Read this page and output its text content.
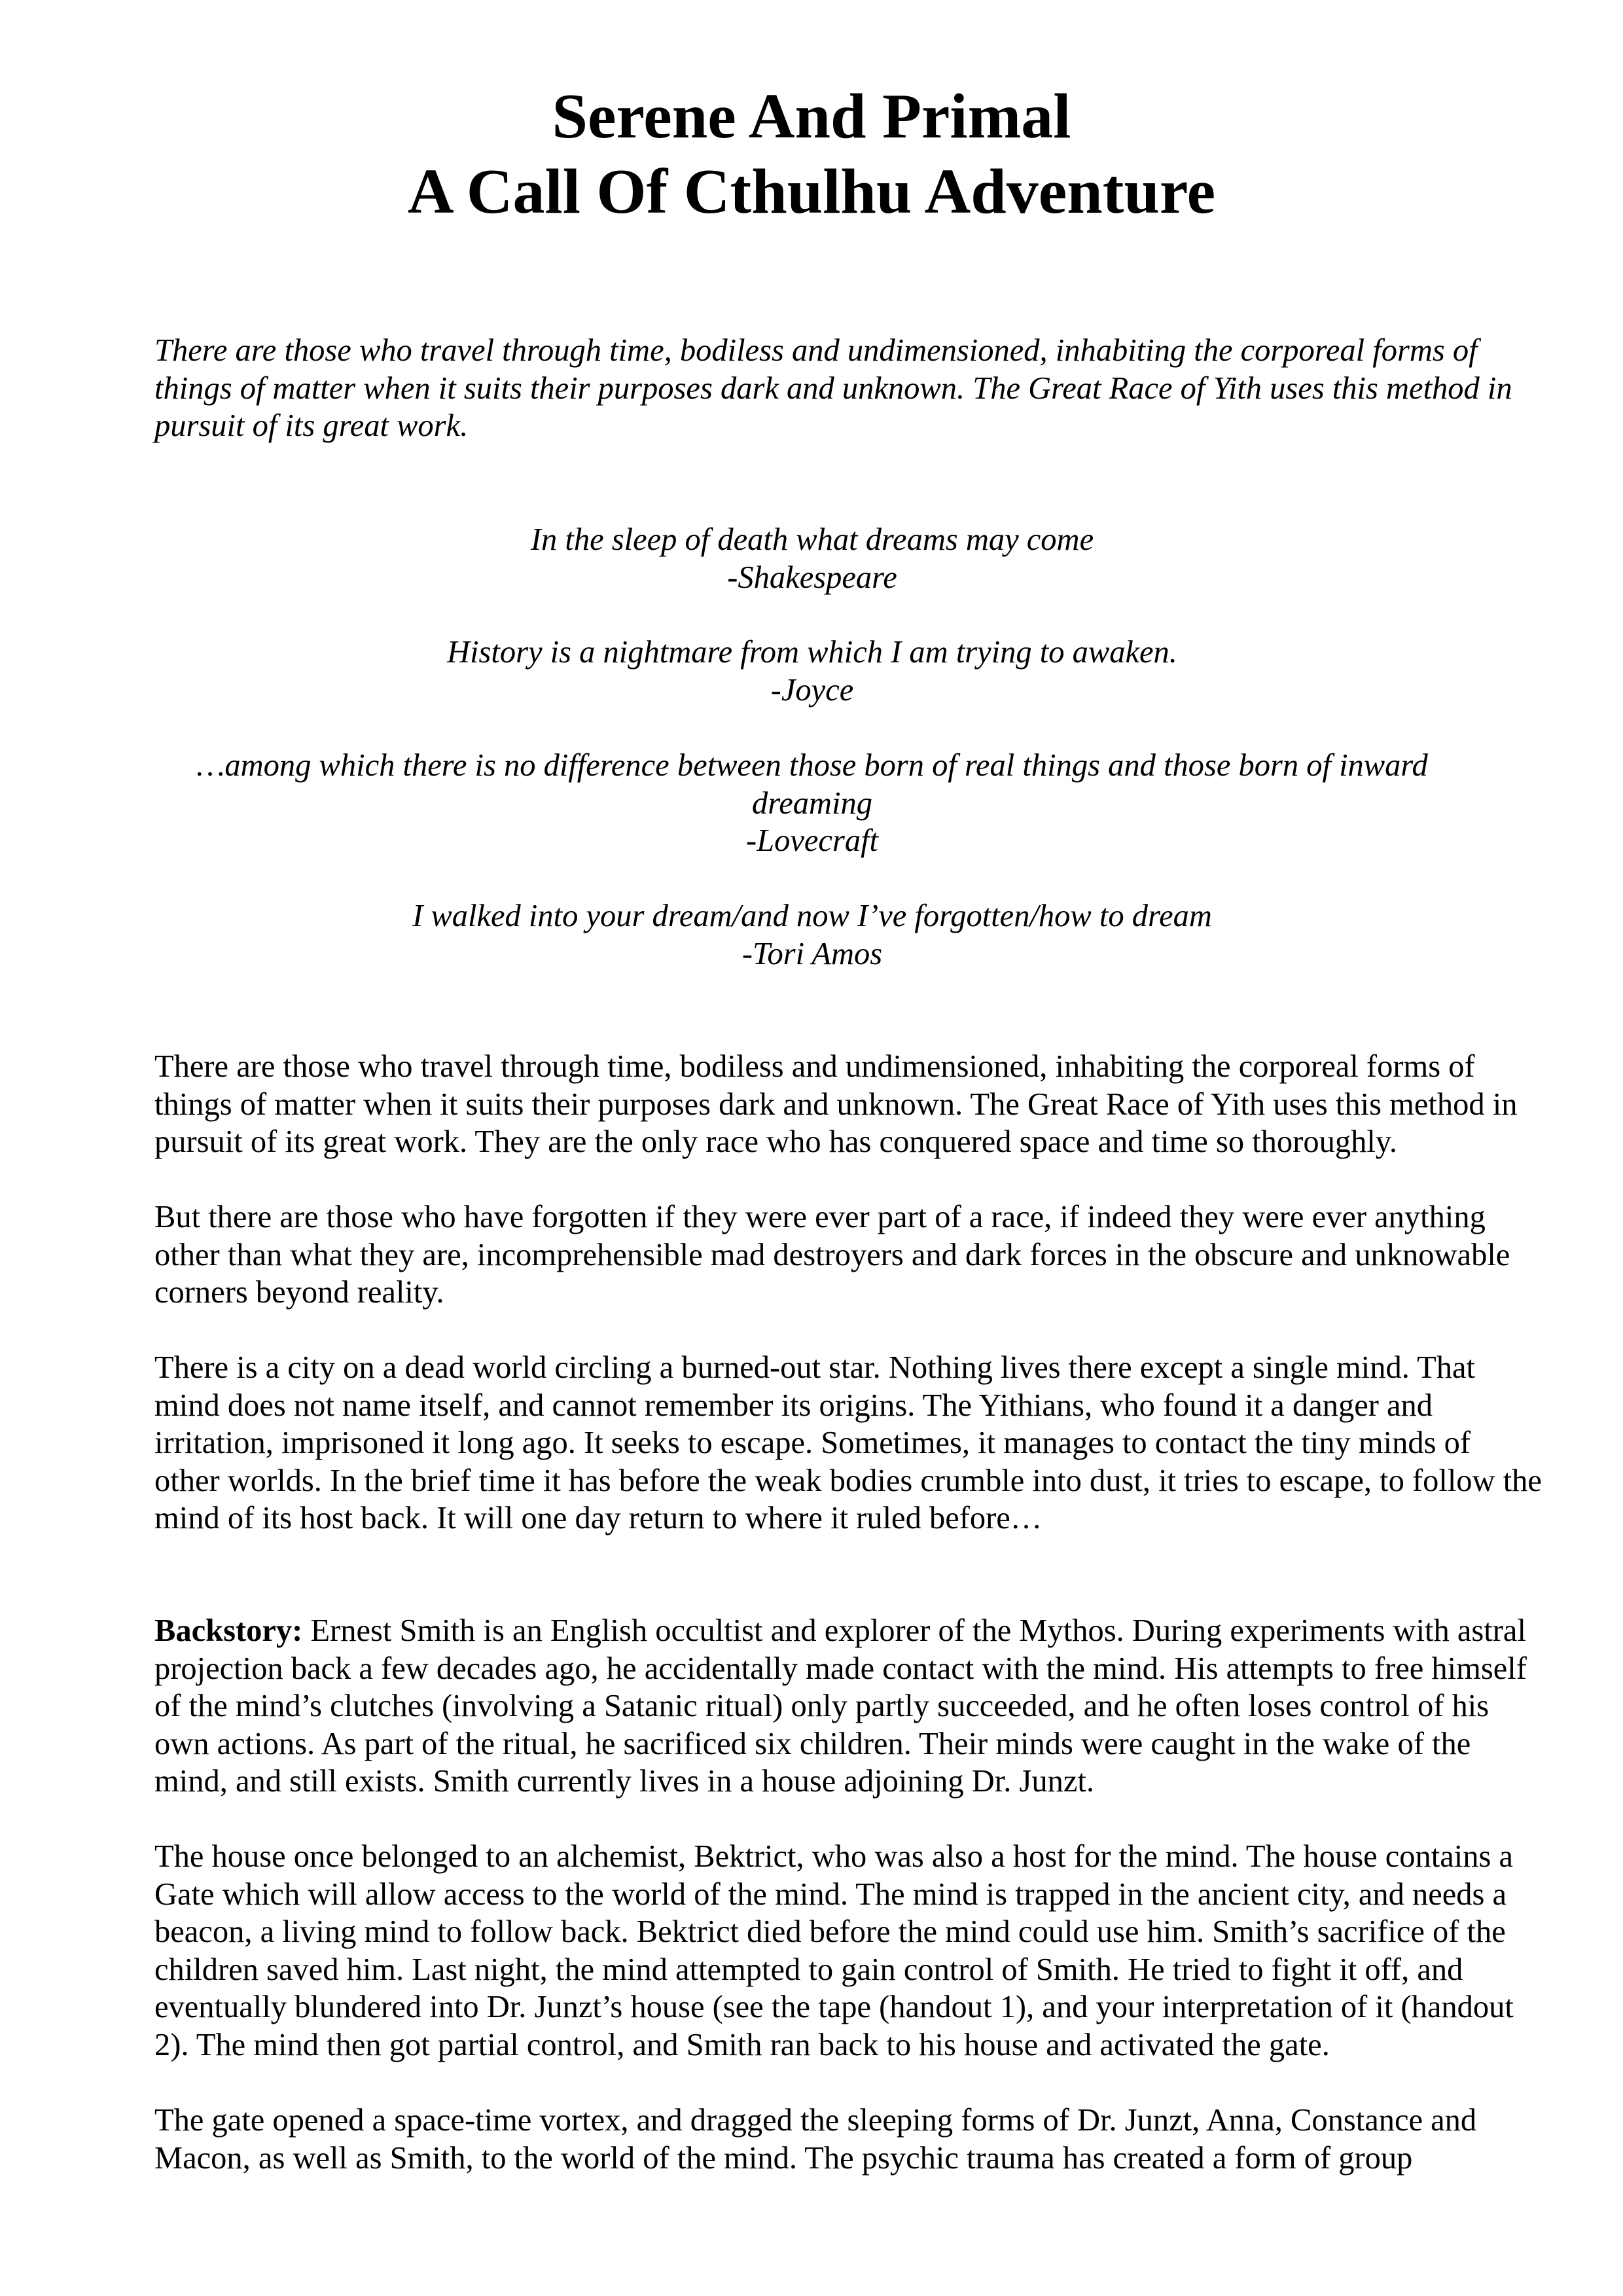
Serene And Primal
A Call Of Cthulhu Adventure

There are those who travel through time, bodiless and undimensioned, inhabiting the corporeal forms of things of matter when it suits their purposes dark and unknown. The Great Race of Yith uses this method in pursuit of its great work.

In the sleep of death what dreams may come
-Shakespeare
History is a nightmare from which I am trying to awaken.
-Joyce
…among which there is no difference between those born of real things and those born of inward dreaming
-Lovecraft
I walked into your dream/and now I’ve forgotten/how to dream
-Tori Amos

There are those who travel through time, bodiless and undimensioned, inhabiting the corporeal forms of things of matter when it suits their purposes dark and unknown. The Great Race of Yith uses this method in pursuit of its great work. They are the only race who has conquered space and time so thoroughly.

But there are those who have forgotten if they were ever part of a race, if indeed they were ever anything other than what they are, incomprehensible mad destroyers and dark forces in the obscure and unknowable corners beyond reality.

There is a city on a dead world circling a burned-out star. Nothing lives there except a single mind. That mind does not name itself, and cannot remember its origins. The Yithians, who found it a danger and irritation, imprisoned it long ago. It seeks to escape. Sometimes, it manages to contact the tiny minds of other worlds. In the brief time it has before the weak bodies crumble into dust, it tries to escape, to follow the mind of its host back. It will one day return to where it ruled before…

Backstory: Ernest Smith is an English occultist and explorer of the Mythos. During experiments with astral projection back a few decades ago, he accidentally made contact with the mind. His attempts to free himself of the mind’s clutches (involving a Satanic ritual) only partly succeeded, and he often loses control of his own actions. As part of the ritual, he sacrificed six children. Their minds were caught in the wake of the mind, and still exists. Smith currently lives in a house adjoining Dr. Junzt.

The house once belonged to an alchemist, Bektrict, who was also a host for the mind. The house contains a Gate which will allow access to the world of the mind. The mind is trapped in the ancient city, and needs a beacon, a living mind to follow back. Bektrict died before the mind could use him. Smith’s sacrifice of the children saved him. Last night, the mind attempted to gain control of Smith. He tried to fight it off, and eventually blundered into Dr. Junzt’s house (see the tape (handout 1), and your interpretation of it (handout 2). The mind then got partial control, and Smith ran back to his house and activated the gate.

The gate opened a space-time vortex, and dragged the sleeping forms of Dr. Junzt, Anna, Constance and Macon, as well as Smith, to the world of the mind. The psychic trauma has created a form of group
